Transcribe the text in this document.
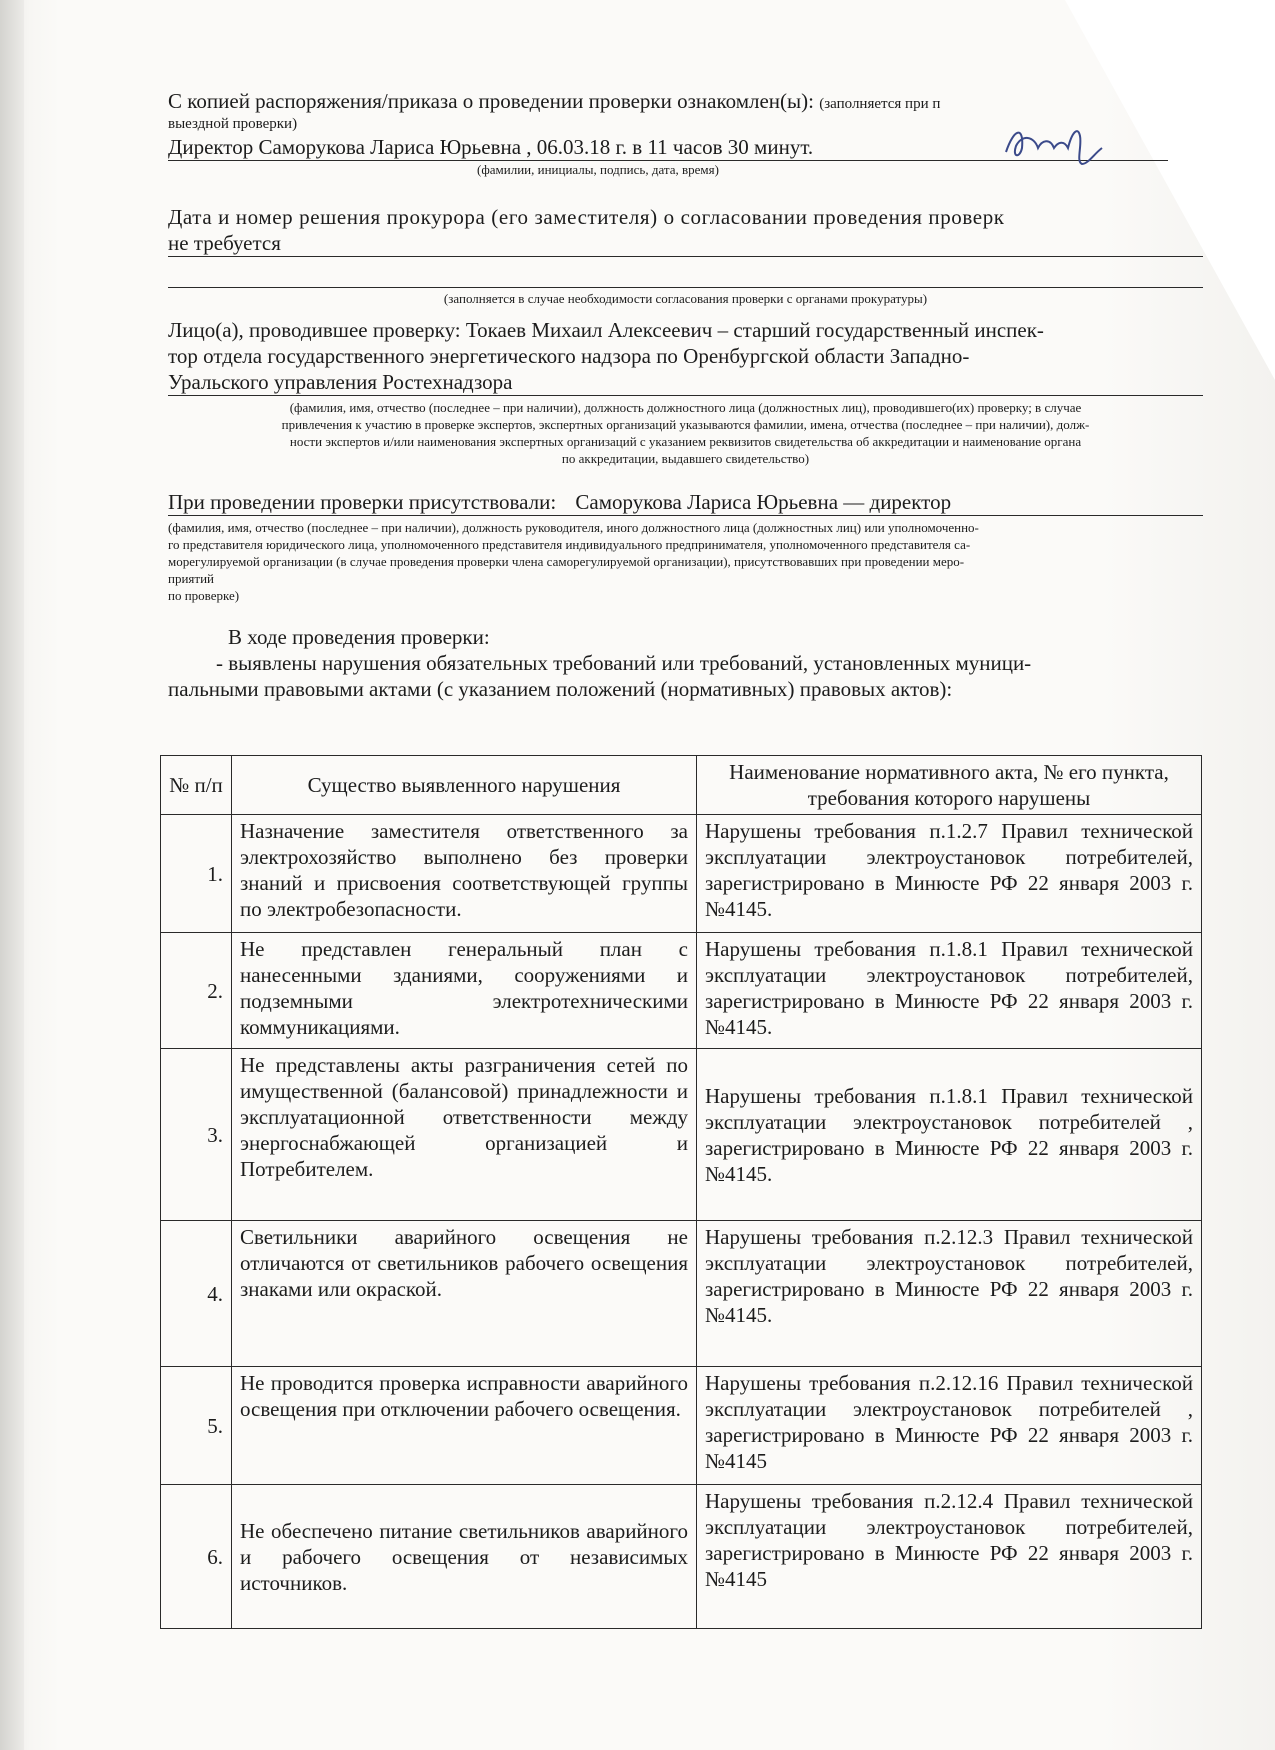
С копией распоряжения/приказа о проведении проверки ознакомлен(ы): (заполняется при п
выездной проверки)
Директор Саморукова Лариса Юрьевна , 06.03.18 г. в 11 часов 30 минут.
(фамилии, инициалы, подпись, дата, время)
Дата и номер решения прокурора (его заместителя) о согласовании проведения проверк
не требуется
(заполняется в случае необходимости согласования проверки с органами прокуратуры)
Лицо(а), проводившее проверку: Токаев Михаил Алексеевич – старший государственный инспек-
тор отдела государственного энергетического надзора по Оренбургской области Западно-
Уральского управления Ростехнадзора
(фамилия, имя, отчество (последнее – при наличии), должность должностного лица (должностных лиц), проводившего(их) проверку; в случае
привлечения к участию в проверке экспертов, экспертных организаций указываются фамилии, имена, отчества (последнее – при наличии), долж-
ности экспертов и/или наименования экспертных организаций с указанием реквизитов свидетельства об аккредитации и наименование органа
по аккредитации, выдавшего свидетельство)
При проведении проверки присутствовали: Саморукова Лариса Юрьевна — директор
(фамилия, имя, отчество (последнее – при наличии), должность руководителя, иного должностного лица (должностных лиц) или уполномоченно-
го представителя юридического лица, уполномоченного представителя индивидуального предпринимателя, уполномоченного представителя са-
морегулируемой организации (в случае проведения проверки члена саморегулируемой организации), присутствовавших при проведении меро-
приятий
по проверке)
В ходе проведения проверки:
- выявлены нарушения обязательных требований или требований, установленных муници-
пальными правовыми актами (с указанием положений (нормативных) правовых актов):
№ п/п	Существо выявленного нарушения	Наименование нормативного акта, № его пункта, требования которого нарушены
1.	Назначение заместителя ответственного за электрохозяйство выполнено без проверки знаний и присвоения соответствующей группы по электробезопасности.	Нарушены требования п.1.2.7 Правил технической эксплуатации электроустановок потребителей, зарегистрировано в Минюсте РФ 22 января 2003 г. №4145.
2.	Не представлен генеральный план с нанесенными зданиями, сооружениями и подземными электротехническими коммуникациями.	Нарушены требования п.1.8.1 Правил технической эксплуатации электроустановок потребителей, зарегистрировано в Минюсте РФ 22 января 2003 г. №4145.
3.	Не представлены акты разграничения сетей по имущественной (балансовой) принадлежности и эксплуатационной ответственности между энергоснабжающей организацией и Потребителем.	Нарушены требования п.1.8.1 Правил технической эксплуатации электроустановок потребителей , зарегистрировано в Минюсте РФ 22 января 2003 г. №4145.
4.	Светильники аварийного освещения не отличаются от светильников рабочего освещения знаками или окраской.	Нарушены требования п.2.12.3 Правил технической эксплуатации электроустановок потребителей, зарегистрировано в Минюсте РФ 22 января 2003 г. №4145.
5.	Не проводится проверка исправности аварийного освещения при отключении рабочего освещения.	Нарушены требования п.2.12.16 Правил технической эксплуатации электроустановок потребителей , зарегистрировано в Минюсте РФ 22 января 2003 г. №4145
6.	Не обеспечено питание светильников аварийного и рабочего освещения от независимых источников.	Нарушены требования п.2.12.4 Правил технической эксплуатации электроустановок потребителей, зарегистрировано в Минюсте РФ 22 января 2003 г. №4145
